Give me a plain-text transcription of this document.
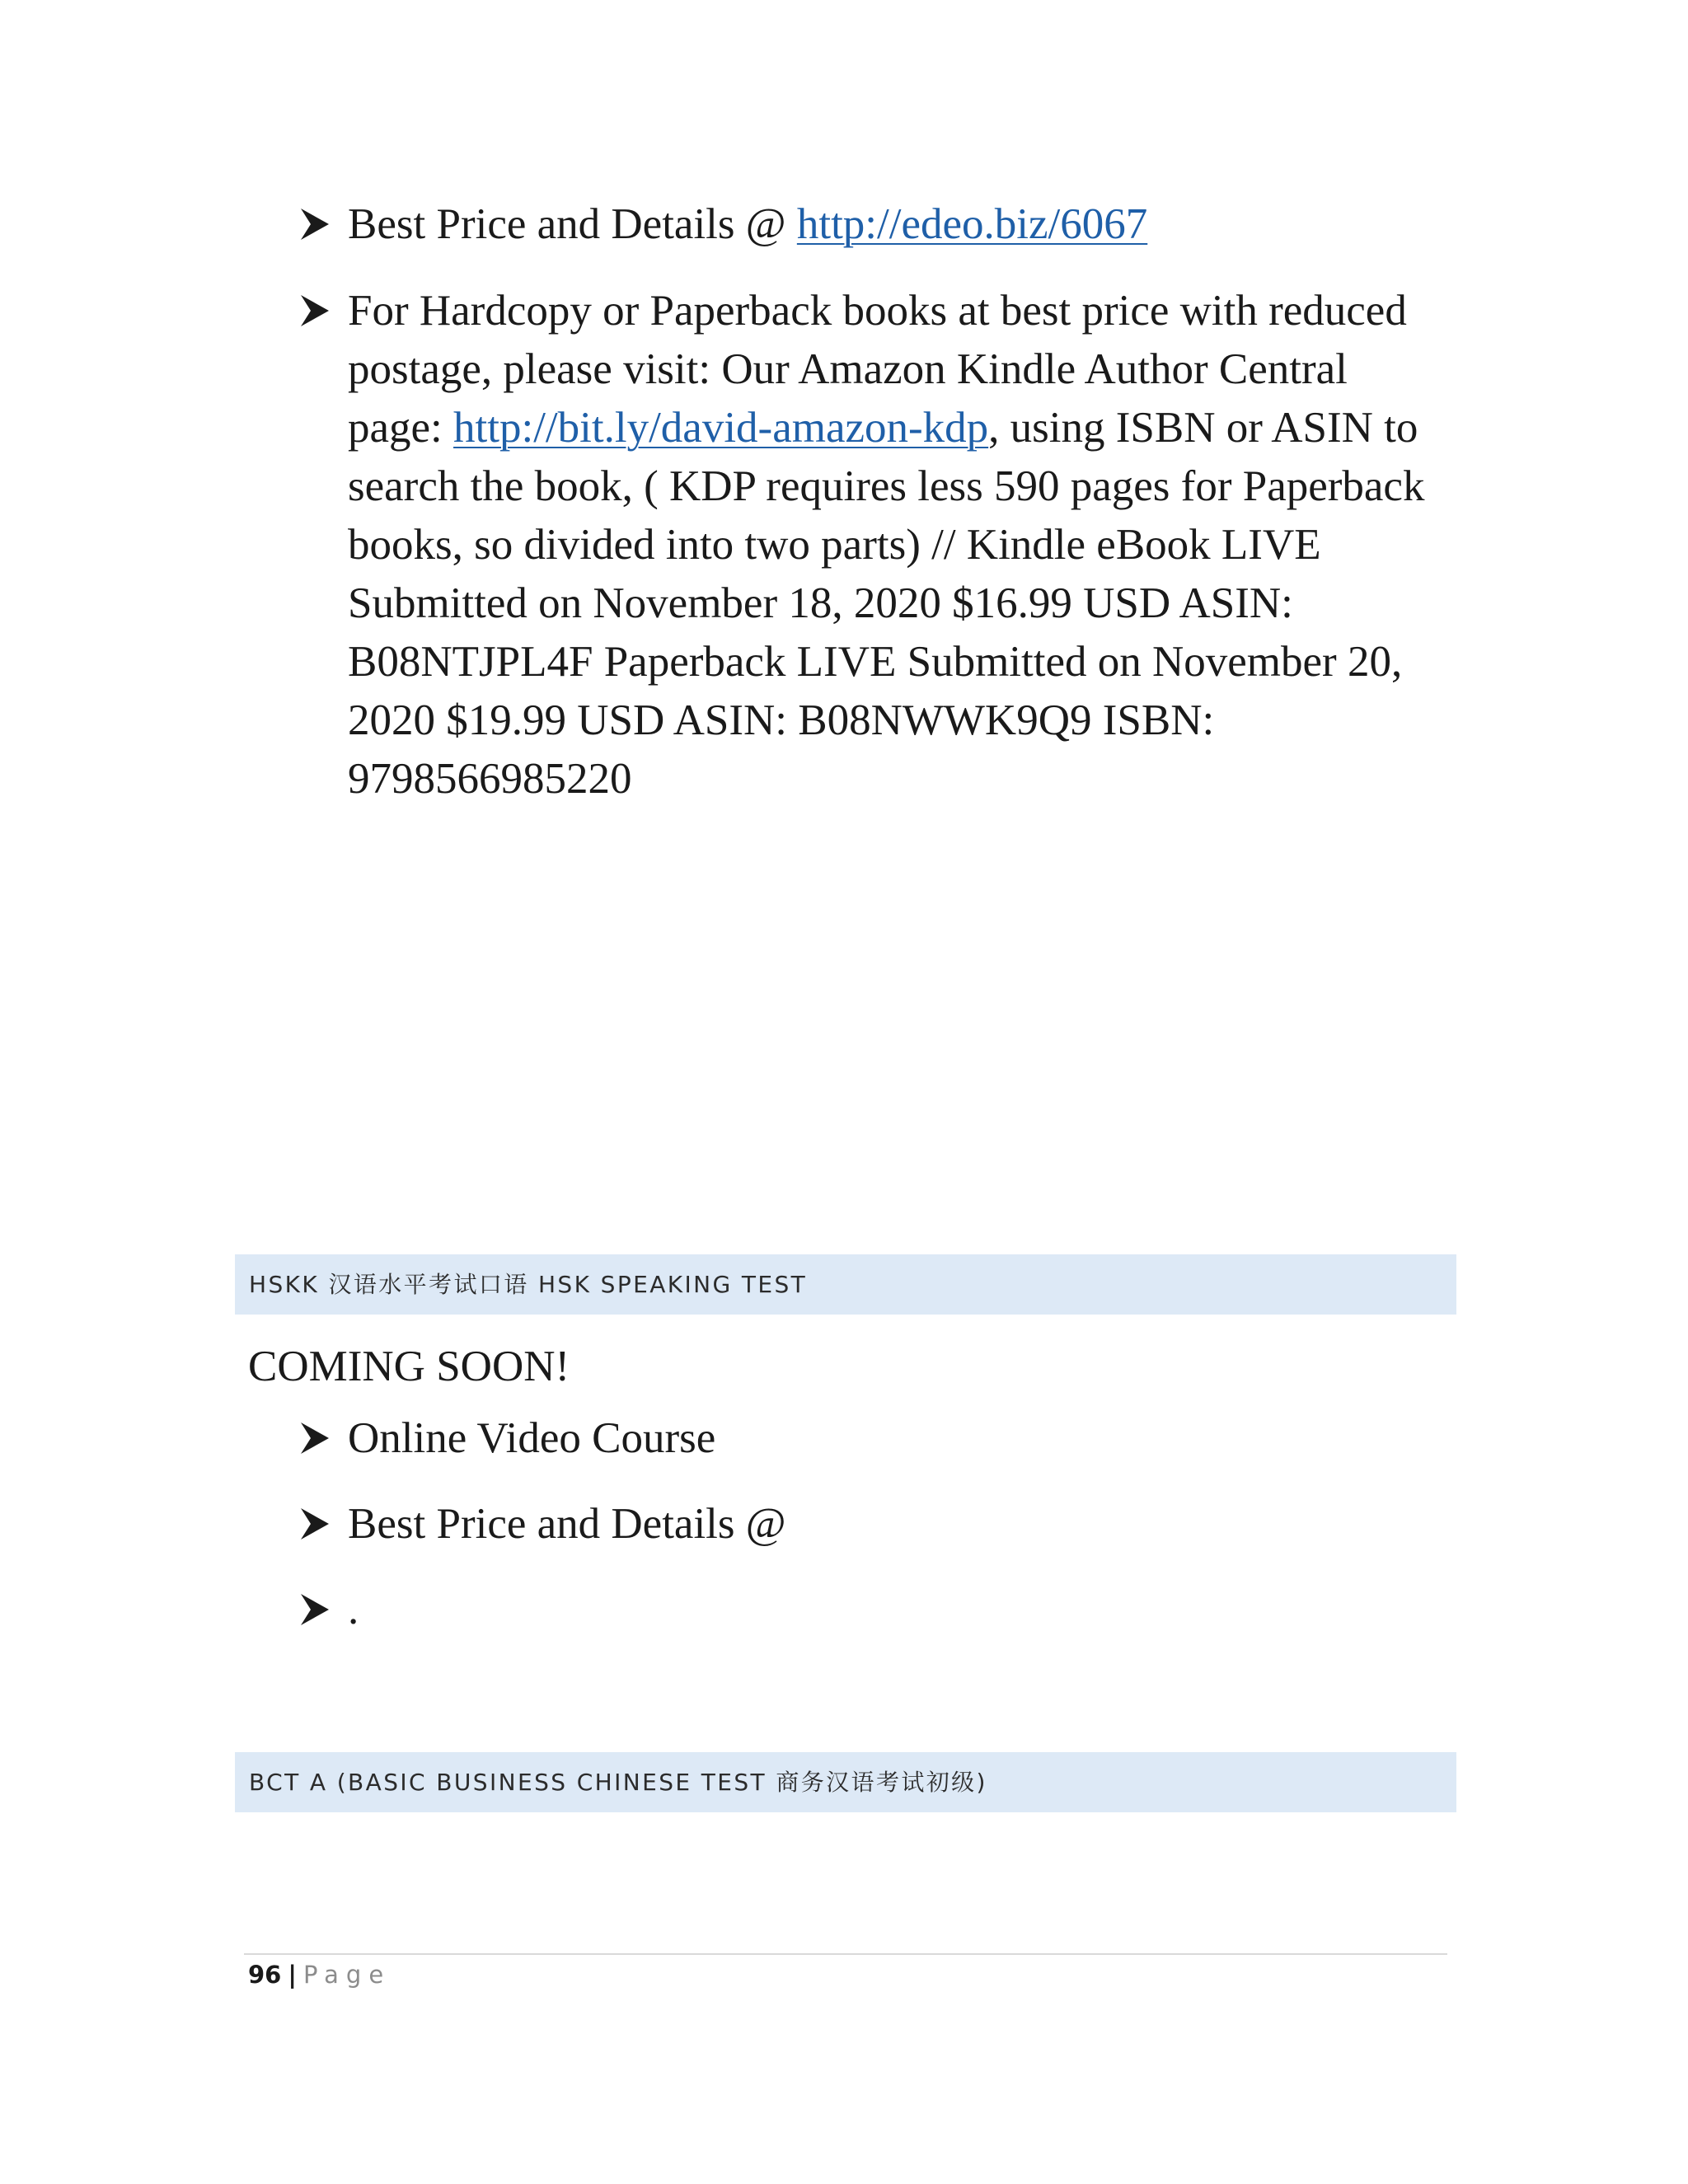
Best Price and Details @ http://edeo.biz/6067
For Hardcopy or Paperback books at best price with reduced postage, please visit: Our Amazon Kindle Author Central page: http://bit.ly/david-amazon-kdp, using ISBN or ASIN to search the book, ( KDP requires less 590 pages for Paperback books, so divided into two parts) // Kindle eBook LIVE Submitted on November 18, 2020 $16.99 USD ASIN: B08NTJPL4F Paperback LIVE Submitted on November 20, 2020 $19.99 USD ASIN: B08NWWK9Q9 ISBN: 9798566985220
HSKK 汉语水平考试口语 HSK SPEAKING TEST
COMING SOON!
Online Video Course
Best Price and Details @
.
BCT A (BASIC BUSINESS CHINESE TEST 商务汉语考试初级)
96 | Page
